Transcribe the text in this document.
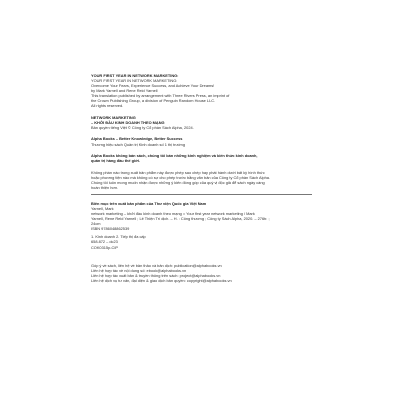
YOUR FIRST YEAR IN NETWORK MARKETING:

YOUR FIRST YEAR IN NETWORK MARKETING:

Overcome Your Fears, Experience Success, and Achieve Your Dreams!

by Mark Yarnell and Rene Reid Yarnell

This translation published by arrangement with Three Rivers Press, an imprint of

the Crown Publishing Group, a division of Penguin Random House LLC.

All rights reserved.

NETWORK MARKETING

– KHỞI ĐẦU KINH DOANH THEO MẠNG

Bản quyền tiếng Việt © Công ty Cổ phần Sách Alpha, 2024.

Alpha Books – Better Knowledge, Better Success

Thương hiệu sách Quản trị Kinh doanh số 1 thị trường

Alpha Books không bán sách, chúng tôi bán những kinh nghiệm và kiến thức kinh doanh,

quản trị hàng đầu thế giới.

Không phần nào trong xuất bản phẩm này được phép sao chép hay phát hành dưới bất kỳ hình thức

hoặc phương tiện nào mà không có sự cho phép trước bằng văn bản của Công ty Cổ phần Sách Alpha.

Chúng tôi luôn mong muốn nhận được những ý kiến đóng góp của quý vị độc giả để sách ngày càng

hoàn thiện hơn.

Biên mục trên xuất bản phẩm của Thư viện Quốc gia Việt Nam

Yarnell, Mark

network marketing – khởi đầu kinh doanh theo mạng = Your first year network marketing / Mark

Yarnell, Rene Reid Yarnell ; Lê Thiện Trí dịch. – H. : Công thương ; Công ty Sách Alpha, 2020. – 276tr. ;

24cm

ISBN 9786048862539

1. Kinh doanh 2. Tiếp thị đa cấp

658.872 – dc23

COK0315p-CIP

Góp ý về sách, liên hệ về bản thảo và bản dịch: publication@alphabooks.vn

Liên hệ hợp tác về nội dung số: ebook@alphabooks.vn

Liên hệ hợp tác xuất bản & truyền thông trên sách: project@alphabooks.vn

Liên hệ dịch vụ tư vấn, đại diện & giao dịch bản quyền: copyright@alphabooks.vn
